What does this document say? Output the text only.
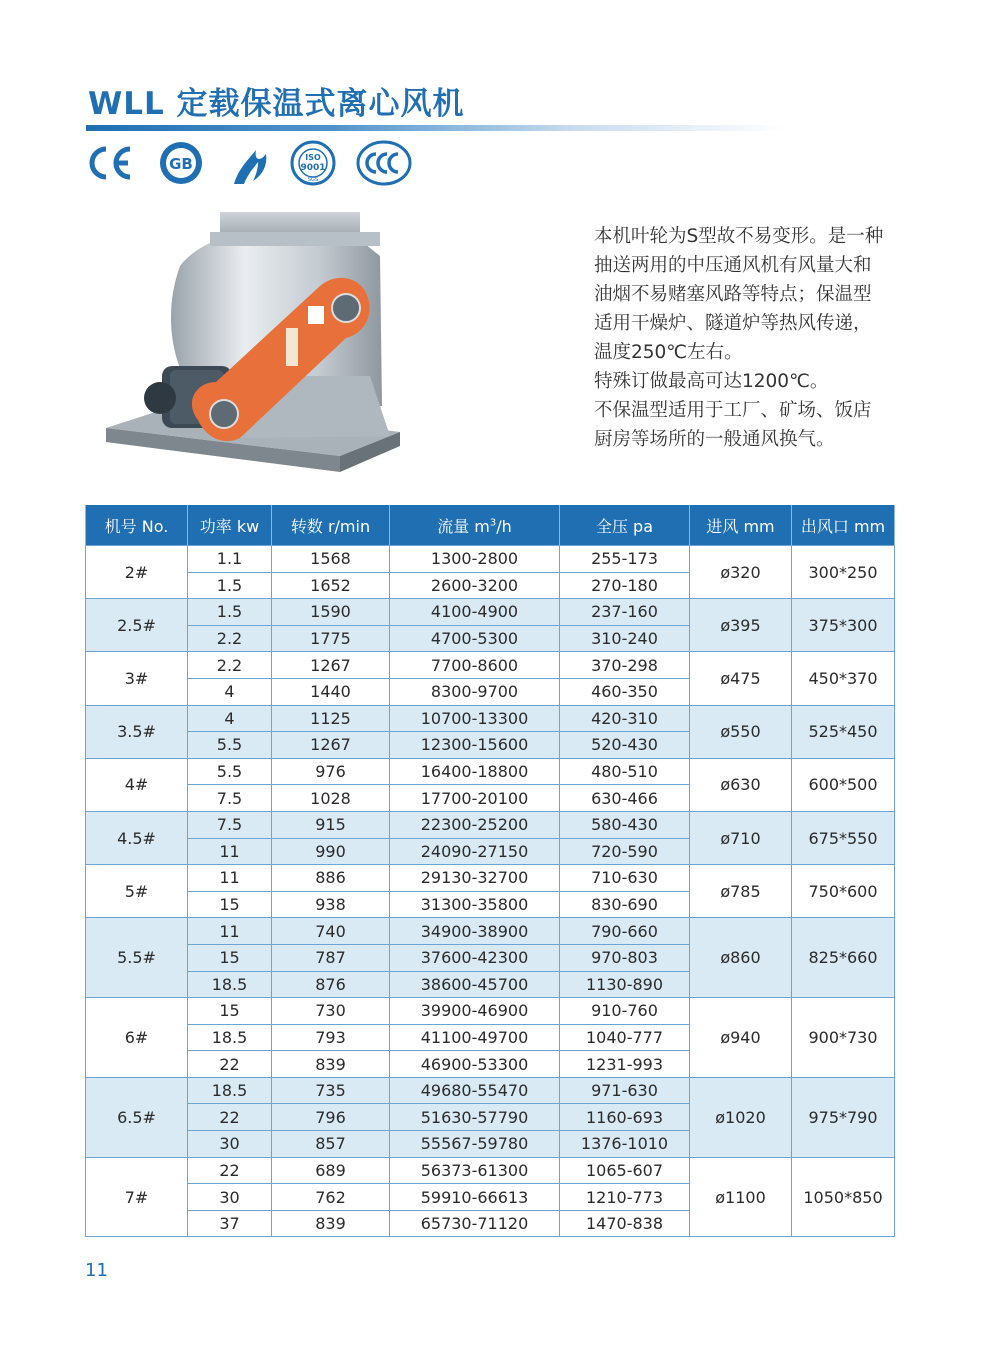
WLL 定载保温式离心风机
GB	ISO
9001
SGS
本机叶轮为S型故不易变形。是一种
抽送两用的中压通风机有风量大和
油烟不易赌塞风路等特点；保温型
适用干燥炉、隧道炉等热风传递，
温度250℃左右。
特殊订做最高可达1200℃。
不保温型适用于工厂、矿场、饭店
厨房等场所的一般通风换气。
机号 No.	功率 kw	转数 r/min	流量 $m^3/h$	全压 pa	进风 mm	出风口 mm
2#	1.1	1568	1300-2800	255-173	ø320	300*250
	1.5	1652	2600-3200	270-180		
2.5#	1.5	1590	4100-4900	237-160	ø395	375*300
	2.2	1775	4700-5300	310-240		
3#	2.2	1267	7700-8600	370-298	ø475	450*370
	4	1440	8300-9700	460-350		
3.5#	4	1125	10700-13300	420-310	ø550	525*450
	5.5	1267	12300-15600	520-430		
4#	5.5	976	16400-18800	480-510	ø630	600*500
	7.5	1028	17700-20100	630-466		
4.5#	7.5	915	22300-25200	580-430	ø710	675*550
	11	990	24090-27150	720-590		
5#	11	886	29130-32700	710-630	ø785	750*600
	15	938	31300-35800	830-690		
5.5#	11	740	34900-38900	790-660	ø860	825*660
	15	787	37600-42300	970-803		
	18.5	876	38600-45700	1130-890		
6#	15	730	39900-46900	910-760	ø940	900*730
	18.5	793	41100-49700	1040-777		
	22	839	46900-53300	1231-993		
6.5#	18.5	735	49680-55470	971-630	ø1020	975*790
	22	796	51630-57790	1160-693		
	30	857	55567-59780	1376-1010		
7#	22	689	56373-61300	1065-607	ø1100	1050*850
	30	762	59910-66613	1210-773		
	37	839	65730-71120	1470-838		
11
